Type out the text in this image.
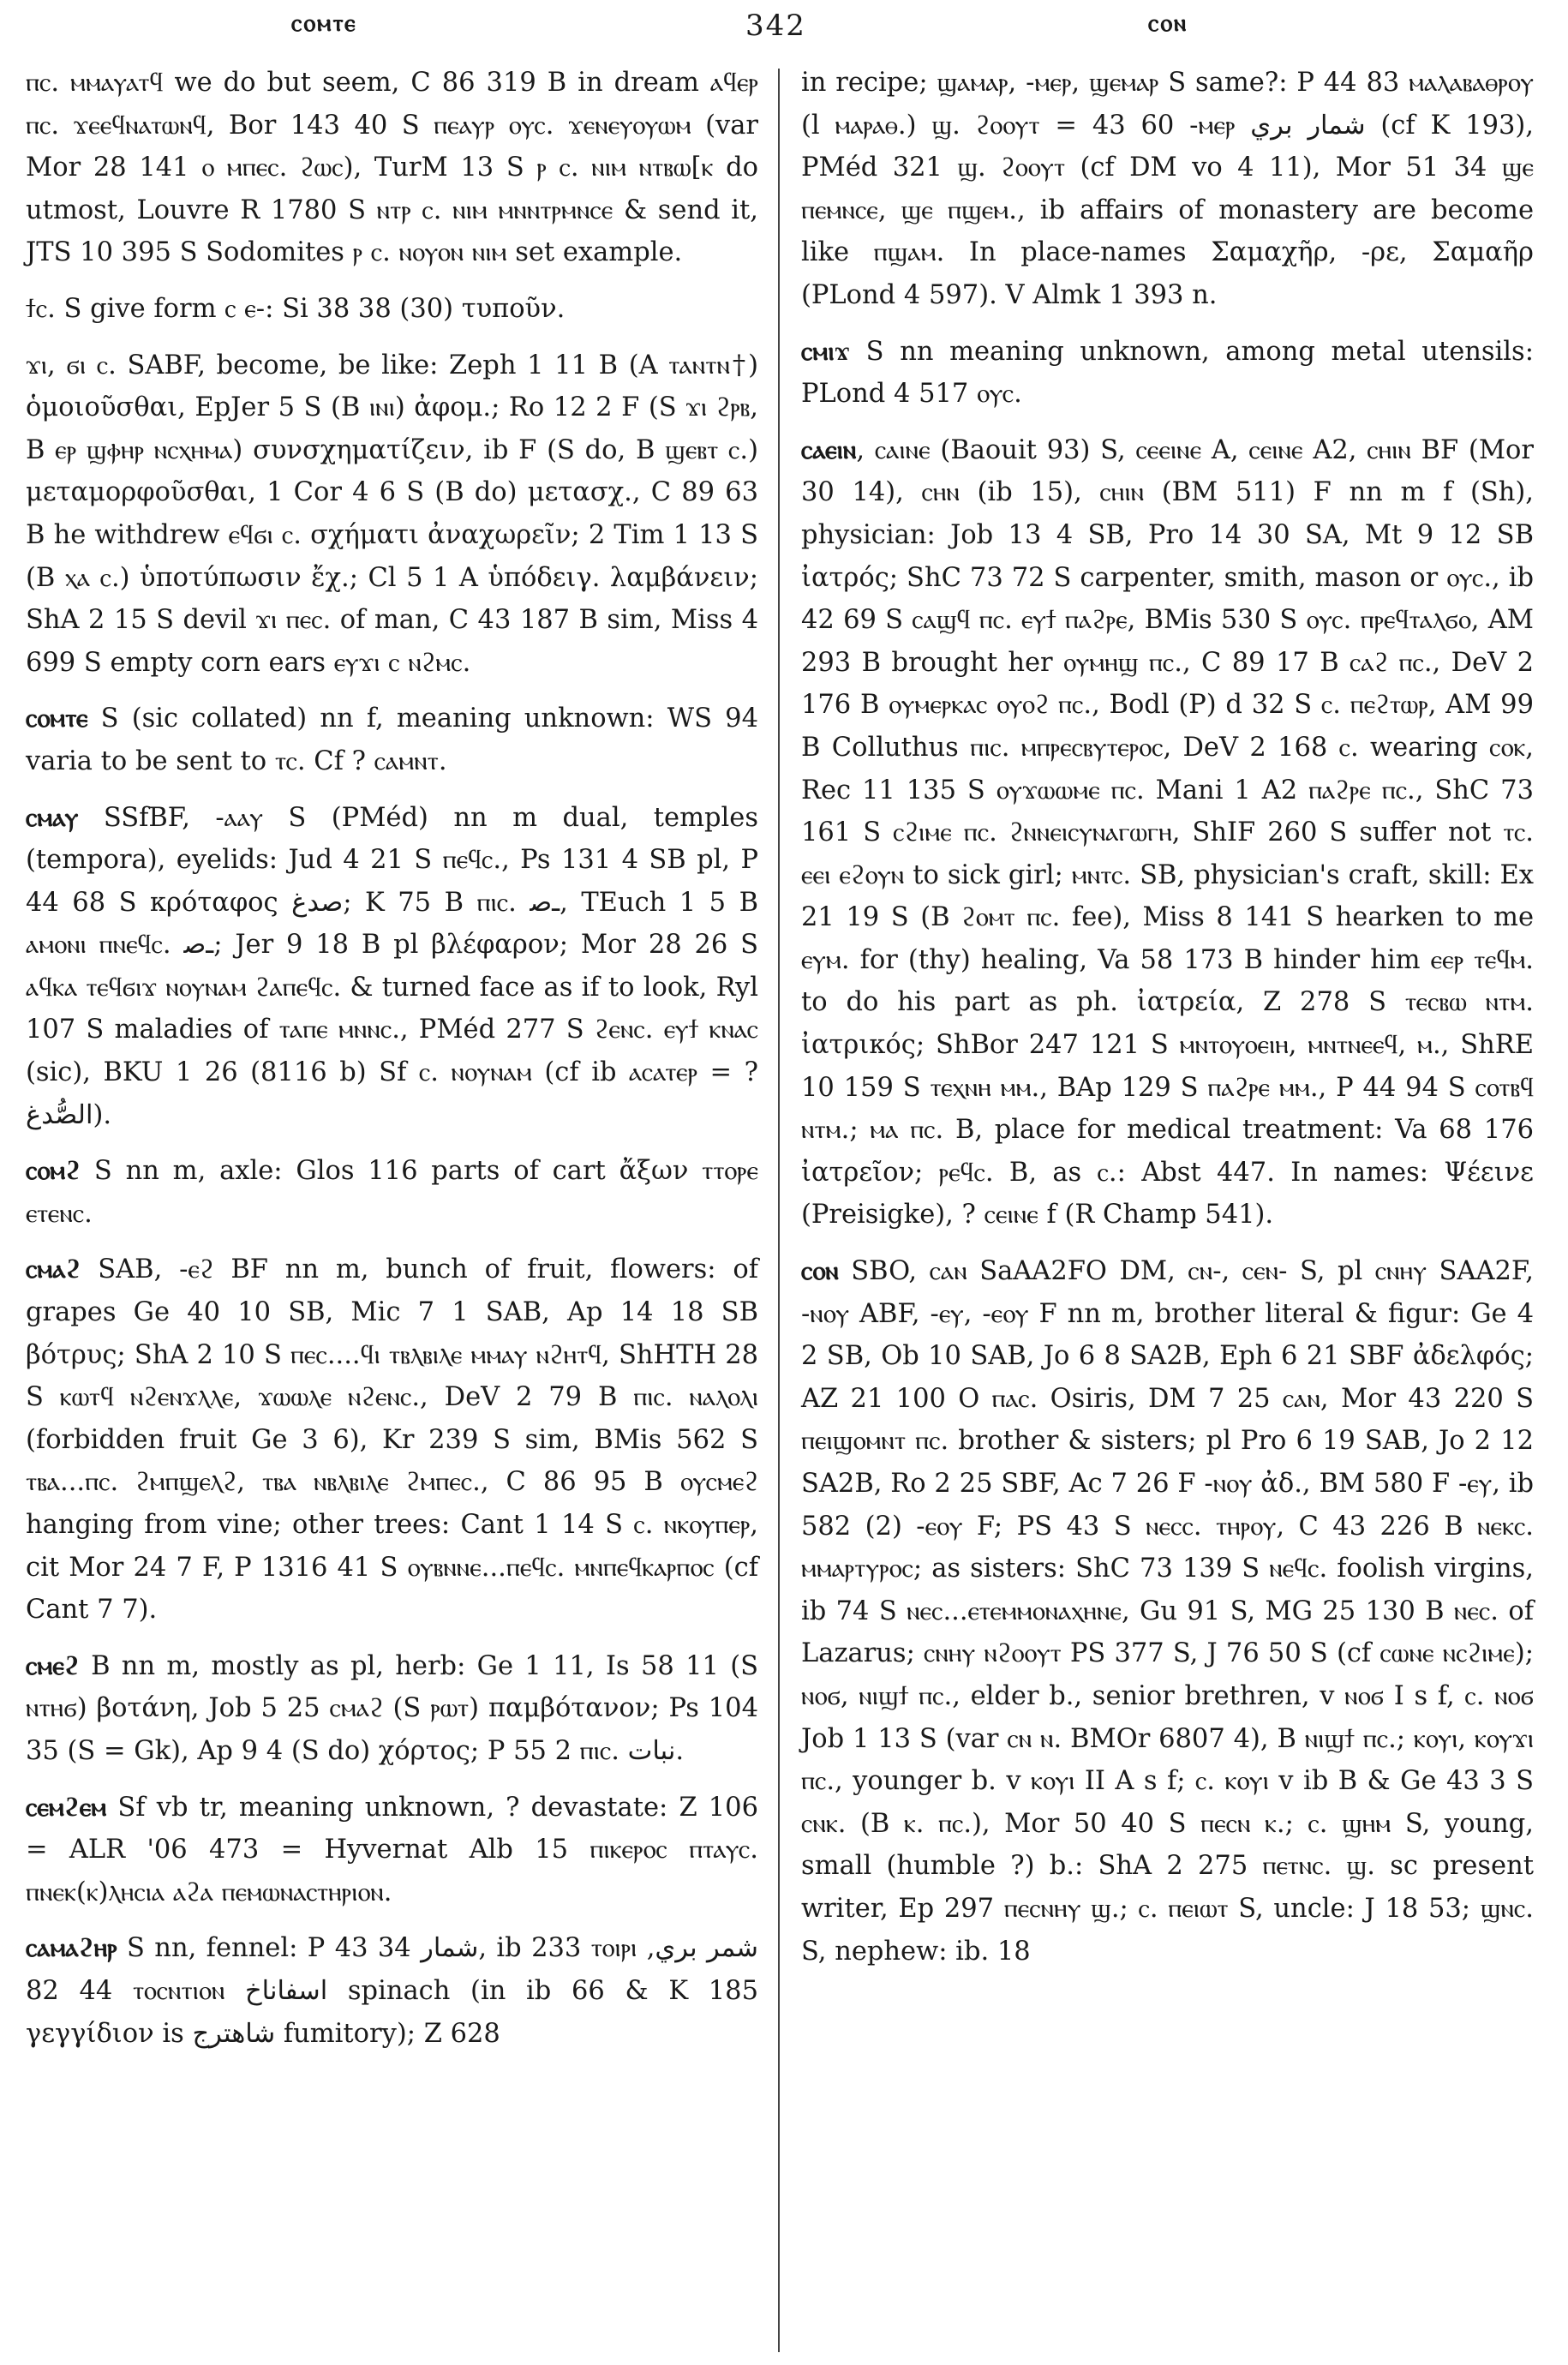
ⲥⲟⲙⲧⲉ	342	ⲥⲟⲛ

ⲡⲥ. ⲙⲙⲁⲩⲁⲧϥ we do but seem, C 86 319 B in dream ⲁϥⲉⲣ ⲡⲥ. ϫⲉⲉϥⲛⲁⲧⲱⲛϥ, Bor 143 40 S ⲡⲉⲁⲩⲣ ⲟⲩⲥ. ϫⲉⲛⲉⲩⲟⲩⲱⲙ (var Mor 28 141 ⲟ ⲙⲡⲉⲥ. ϩⲱⲥ), TurM 13 S ⲣ ⲥ. ⲛⲓⲙ ⲛⲧⲃⲱ[ⲕ do utmost, Louvre R 1780 S ⲛⲧⲣ ⲥ. ⲛⲓⲙ ⲙⲛⲛⲧⲣⲙⲛⲥⲉ & send it, JTS 10 395 S Sodomites ⲣ ⲥ. ⲛⲟⲩⲟⲛ ⲛⲓⲙ set example.

ϯⲥ. S give form ⲥ ⲉ-: Si 38 38 (30) τυποῦν.

ϫⲓ, ϭⲓ ⲥ. SABF, become, be like: Zeph 1 11 B (A ⲧⲁⲛⲧⲛ†) ὁμοιοῦσθαι, EpJer 5 S (B ⲓⲛⲓ) ἀφομ.; Ro 12 2 F (S ϫⲓ ϩⲣⲃ, B ⲉⲣ ϣⲫⲏⲣ ⲛⲥⲭⲏⲙⲁ) συνσχηματίζειν, ib F (S do, B ϣⲉⲃⲧ ⲥ.) μεταμορφοῦσθαι, 1 Cor 4 6 S (B do) μετασχ., C 89 63 B he withdrew ⲉϥϭⲓ ⲥ. σχήματι ἀναχωρεῖν; 2 Tim 1 13 S (B ⲭⲁ ⲥ.) ὑποτύπωσιν ἔχ.; Cl 5 1 A ὑπόδειγ. λαμβάνειν; ShA 2 15 S devil ϫⲓ ⲡⲉⲥ. of man, C 43 187 B sim, Miss 4 699 S empty corn ears ⲉⲩϫⲓ ⲥ ⲛϩⲙⲥ.

ⲥⲟⲙⲧⲉ S (sic collated) nn f, meaning unknown: WS 94 varia to be sent to ⲧⲥ. Cf ? ⲥⲁⲙⲛⲧ.

ⲥⲙⲁⲩ SSfBF, -ⲁⲁⲩ S (PMéd) nn m dual, temples (tempora), eyelids: Jud 4 21 S ⲡⲉϥⲥ., Ps 131 4 SB pl, P 44 68 S κρόταφος صدغ; K 75 B ⲡⲓⲥ. ـﺻ, TEuch 1 5 B ⲁⲙⲟⲛⲓ ⲡⲛⲉϥⲥ. ـﺻ; Jer 9 18 B pl βλέφαρον; Mor 28 26 S ⲁϥⲕⲁ ⲧⲉϥϭⲓϫ ⲛⲟⲩⲛⲁⲙ ϩⲁⲡⲉϥⲥ. & turned face as if to look, Ryl 107 S maladies of ⲧⲁⲡⲉ ⲙⲛⲛⲥ., PMéd 277 S ϩⲉⲛⲥ. ⲉⲩϯ ⲕⲛⲁⲥ (sic), BKU 1 26 (8116 b) Sf ⲥ. ⲛⲟⲩⲛⲁⲙ (cf ib ⲁⲥⲁⲧⲉⲣ = ? الصُّدغ).

ⲥⲟⲙϩ S nn m, axle: Glos 116 parts of cart ἄξων ⲧⲧⲟⲣⲉ ⲉⲧⲉⲛⲥ.

ⲥⲙⲁϩ SAB, -ⲉϩ BF nn m, bunch of fruit, flowers: of grapes Ge 40 10 SB, Mic 7 1 SAB, Ap 14 18 SB βότρυς; ShA 2 10 S ⲡⲉⲥ....ϥⲓ ⲧⲃⲗⲃⲓⲗⲉ ⲙⲙⲁⲩ ⲛϩⲏⲧϥ, ShHTH 28 S ⲕⲱⲧϥ ⲛϩⲉⲛϫⲗⲗⲉ, ϫⲱⲱⲗⲉ ⲛϩⲉⲛⲥ., DeV 2 79 B ⲡⲓⲥ. ⲛⲁⲗⲟⲗⲓ (forbidden fruit Ge 3 6), Kr 239 S sim, BMis 562 S ⲧⲃⲁ...ⲡⲥ. ϩⲙⲡϣⲉⲗϩ, ⲧⲃⲁ ⲛⲃⲗⲃⲓⲗⲉ ϩⲙⲡⲉⲥ., C 86 95 B ⲟⲩⲥⲙⲉϩ hanging from vine; other trees: Cant 1 14 S ⲥ. ⲛⲕⲟⲩⲡⲉⲣ, cit Mor 24 7 F, P 1316 41 S ⲟⲩⲃⲛⲛⲉ...ⲡⲉϥⲥ. ⲙⲛⲡⲉϥⲕⲁⲣⲡⲟⲥ (cf Cant 7 7).

ⲥⲙⲉϩ B nn m, mostly as pl, herb: Ge 1 11, Is 58 11 (S ⲛⲧⲏϭ) βοτάνη, Job 5 25 ⲥⲙⲁϩ (S ⲣⲱⲧ) παμβότανον; Ps 104 35 (S = Gk), Ap 9 4 (S do) χόρτος; P 55 2 ⲡⲓⲥ. نبات.

ⲥⲉⲙϩⲉⲙ Sf vb tr, meaning unknown, ? devastate: Z 106 = ALR '06 473 = Hyvernat Alb 15 ⲡⲓⲕⲉⲣⲟⲥ ⲡⲧⲁⲩⲥ. ⲡⲛⲉⲕ(ⲕ)ⲗⲏⲥⲓⲁ ⲁϩⲁ ⲡⲉⲙⲱⲛⲁⲥⲧⲏⲣⲓⲟⲛ.

ⲥⲁⲙⲁϩⲏⲣ S nn, fennel: P 43 34 شمار, ib 233 ⲧⲟⲓⲣⲓ شمر بري, 44 82 ⲧⲟⲥⲛⲧⲓⲟⲛ اسفاناخ spinach (in ib 66 & K 185 γεγγίδιον is شاهترج fumitory); Z 628

in recipe; ϣⲁⲙⲁⲣ, -ⲙⲉⲣ, ϣⲉⲙⲁⲣ S same?: P 44 83 ⲙⲁⲗⲁⲃⲁⲑⲣⲟⲩ (l ⲙⲁⲣⲁⲑ.) ϣ. ϩⲟⲟⲩⲧ = 43 60 -ⲙⲉⲣ شمار بري (cf K 193), PMéd 321 ϣ. ϩⲟⲟⲩⲧ (cf DM vo 4 11), Mor 51 34 ϣⲉ ⲡⲉⲙⲛⲥⲉ, ϣⲉ ⲡϣⲉⲙ., ib affairs of monastery are become like ⲡϣⲁⲙ. In place-names Σαμαχῆρ, -ρε, Σαμαῆρ (PLond 4 597). V Almk 1 393 n.

ⲥⲙⲓϫ S nn meaning unknown, among metal utensils: PLond 4 517 ⲟⲩⲥ.

ⲥⲁⲉⲓⲛ, ⲥⲁⲓⲛⲉ (Baouit 93) S, ⲥⲉⲉⲓⲛⲉ A, ⲥⲉⲓⲛⲉ A2, ⲥⲏⲓⲛ BF (Mor 30 14), ⲥⲏⲛ (ib 15), ⲥⲏⲓⲛ (BM 511) F nn m f (Sh), physician: Job 13 4 SB, Pro 14 30 SA, Mt 9 12 SB ἰατρός; ShC 73 72 S carpenter, smith, mason or ⲟⲩⲥ., ib 42 69 S ⲥⲁϣϥ ⲡⲥ. ⲉⲩϯ ⲡⲁϩⲣⲉ, BMis 530 S ⲟⲩⲥ. ⲡⲣⲉϥⲧⲁⲗϭⲟ, AM 293 B brought her ⲟⲩⲙⲏϣ ⲡⲥ., C 89 17 B ⲥⲁϩ ⲡⲥ., DeV 2 176 B ⲟⲩⲙⲉⲣⲕⲁⲥ ⲟⲩⲟϩ ⲡⲥ., Bodl (P) d 32 S ⲥ. ⲡⲉϩⲧⲱⲣ, AM 99 B Colluthus ⲡⲓⲥ. ⲙⲡⲣⲉⲥⲃⲩⲧⲉⲣⲟⲥ, DeV 2 168 ⲥ. wearing ⲥⲟⲕ, Rec 11 135 S ⲟⲩϫⲱⲱⲙⲉ ⲡⲥ. Mani 1 A2 ⲡⲁϩⲣⲉ ⲡⲥ., ShC 73 161 S ⲥϩⲓⲙⲉ ⲡⲥ. ϩⲛⲛⲉⲓⲥⲩⲛⲁⲅⲱⲅⲏ, ShIF 260 S suffer not ⲧⲥ. ⲉⲉⲓ ⲉϩⲟⲩⲛ to sick girl; ⲙⲛⲧⲥ. SB, physician's craft, skill: Ex 21 19 S (B ϩⲟⲙⲧ ⲡⲥ. fee), Miss 8 141 S hearken to me ⲉⲩⲙ. for (thy) healing, Va 58 173 B hinder him ⲉⲉⲣ ⲧⲉϥⲙ. to do his part as ph. ἰατρεία, Z 278 S ⲧⲉⲥⲃⲱ ⲛⲧⲙ. ἰατρικός; ShBor 247 121 S ⲙⲛⲧⲟⲩⲟⲉⲓⲏ, ⲙⲛⲧⲛⲉⲉϥ, ⲙ., ShRE 10 159 S ⲧⲉⲭⲛⲏ ⲙⲙ., BAp 129 S ⲡⲁϩⲣⲉ ⲙⲙ., P 44 94 S ⲥⲟⲧⲃϥ ⲛⲧⲙ.; ⲙⲁ ⲡⲥ. B, place for medical treatment: Va 68 176 ἰατρεῖον; ⲣⲉϥⲥ. B, as ⲥ.: Abst 447. In names: Ψέεινε (Preisigke), ? ⲥⲉⲓⲛⲉ f (R Champ 541).

ⲥⲟⲛ SBO, ⲥⲁⲛ SaAA2FO DM, ⲥⲛ-, ⲥⲉⲛ- S, pl ⲥⲛⲏⲩ SAA2F, -ⲛⲟⲩ ABF, -ⲉⲩ, -ⲉⲟⲩ F nn m, brother literal & figur: Ge 4 2 SB, Ob 10 SAB, Jo 6 8 SA2B, Eph 6 21 SBF ἀδελφός; AZ 21 100 O ⲡⲁⲥ. Osiris, DM 7 25 ⲥⲁⲛ, Mor 43 220 S ⲡⲉⲓϣⲟⲙⲛⲧ ⲡⲥ. brother & sisters; pl Pro 6 19 SAB, Jo 2 12 SA2B, Ro 2 25 SBF, Ac 7 26 F -ⲛⲟⲩ ἀδ., BM 580 F -ⲉⲩ, ib 582 (2) -ⲉⲟⲩ F; PS 43 S ⲛⲉⲥⲥ. ⲧⲏⲣⲟⲩ, C 43 226 B ⲛⲉⲕⲥ. ⲙⲙⲁⲣⲧⲩⲣⲟⲥ; as sisters: ShC 73 139 S ⲛⲉϥⲥ. foolish virgins, ib 74 S ⲛⲉⲥ...ⲉⲧⲉⲙⲙⲟⲛⲁⲭⲏⲛⲉ, Gu 91 S, MG 25 130 B ⲛⲉⲥ. of Lazarus; ⲥⲛⲏⲩ ⲛϩⲟⲟⲩⲧ PS 377 S, J 76 50 S (cf ⲥⲱⲛⲉ ⲛⲥϩⲓⲙⲉ); ⲛⲟϭ, ⲛⲓϣϯ ⲡⲥ., elder b., senior brethren, v ⲛⲟϭ I s f, ⲥ. ⲛⲟϭ Job 1 13 S (var ⲥⲛ ⲛ. BMOr 6807 4), B ⲛⲓϣϯ ⲡⲥ.; ⲕⲟⲩⲓ, ⲕⲟⲩϫⲓ ⲡⲥ., younger b. v ⲕⲟⲩⲓ II A s f; ⲥ. ⲕⲟⲩⲓ v ib B & Ge 43 3 S ⲥⲛⲕ. (B ⲕ. ⲡⲥ.), Mor 50 40 S ⲡⲉⲥⲛ ⲕ.; ⲥ. ϣⲏⲙ S, young, small (humble ?) b.: ShA 2 275 ⲡⲉⲧⲛⲥ. ϣ. sc present writer, Ep 297 ⲡⲉⲥⲛⲏⲩ ϣ.; ⲥ. ⲡⲉⲓⲱⲧ S, uncle: J 18 53; ϣⲛⲥ. S, nephew: ib. 18
